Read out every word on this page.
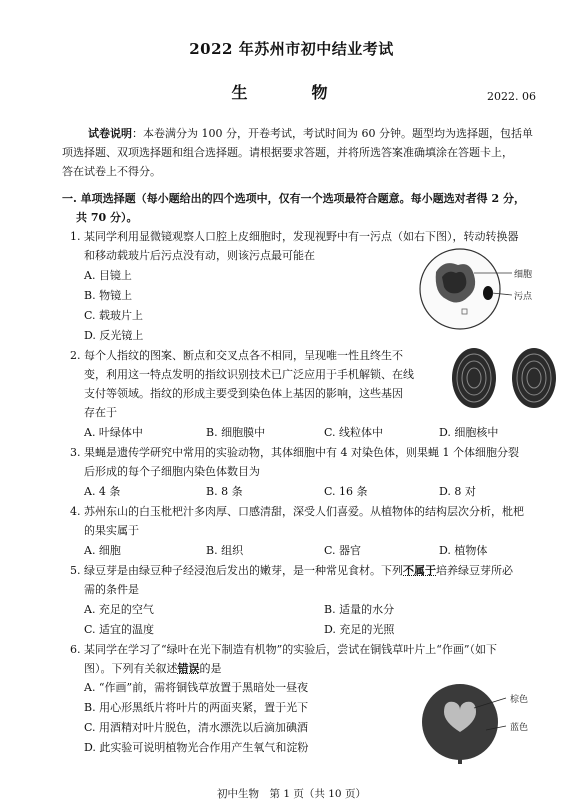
2022 年苏州市初中结业考试
生　物	2022. 06
试卷说明：本卷满分为 100 分，开卷考试，考试时间为 60 分钟。题型均为选择题，包括单
项选择题、双项选择题和组合选择题。请根据要求答题，并将所选答案准确填涂在答题卡上，
答在试卷上不得分。
一. 单项选择题（每小题给出的四个选项中，仅有一个选项最符合题意。每小题选对者得 2 分，
共 70 分）。
1. 某同学利用显微镜观察人口腔上皮细胞时，发现视野中有一污点（如右下图），转动转换器
和移动载玻片后污点没有动，则该污点最可能在
A. 目镜上
B. 物镜上
C. 载玻片上
D. 反光镜上
细胞
污点
2. 每个人指纹的图案、断点和交叉点各不相同，呈现唯一性且终生不
变，利用这一特点发明的指纹识别技术已广泛应用于手机解锁、在线
支付等领域。指纹的形成主要受到染色体上基因的影响，这些基因
存在于
A. 叶绿体中	B. 细胞膜中	C. 线粒体中	D. 细胞核中
3. 果蝇是遗传学研究中常用的实验动物，其体细胞中有 4 对染色体，则果蝇 1 个体细胞分裂
后形成的每个子细胞内染色体数目为
A. 4 条	B. 8 条	C. 16 条	D. 8 对
4. 苏州东山的白玉枇杷汁多肉厚、口感清甜，深受人们喜爱。从植物体的结构层次分析，枇杷
的果实属于
A. 细胞	B. 组织	C. 器官	D. 植物体
5. 绿豆芽是由绿豆种子经浸泡后发出的嫩芽，是一种常见食材。下列不属于培养绿豆芽所必
需的条件是
A. 充足的空气	B. 适量的水分
C. 适宜的温度	D. 充足的光照
6. 某同学在学习了“绿叶在光下制造有机物”的实验后，尝试在铜钱草叶片上“作画”（如下
图）。下列有关叙述错误的是
A. “作画”前，需将铜钱草放置于黑暗处一昼夜
B. 用心形黑纸片将叶片的两面夹紧，置于光下
C. 用酒精对叶片脱色，清水漂洗以后滴加碘酒
D. 此实验可说明植物光合作用产生氧气和淀粉
棕色
蓝色
初中生物　第 1 页（共 10 页）
